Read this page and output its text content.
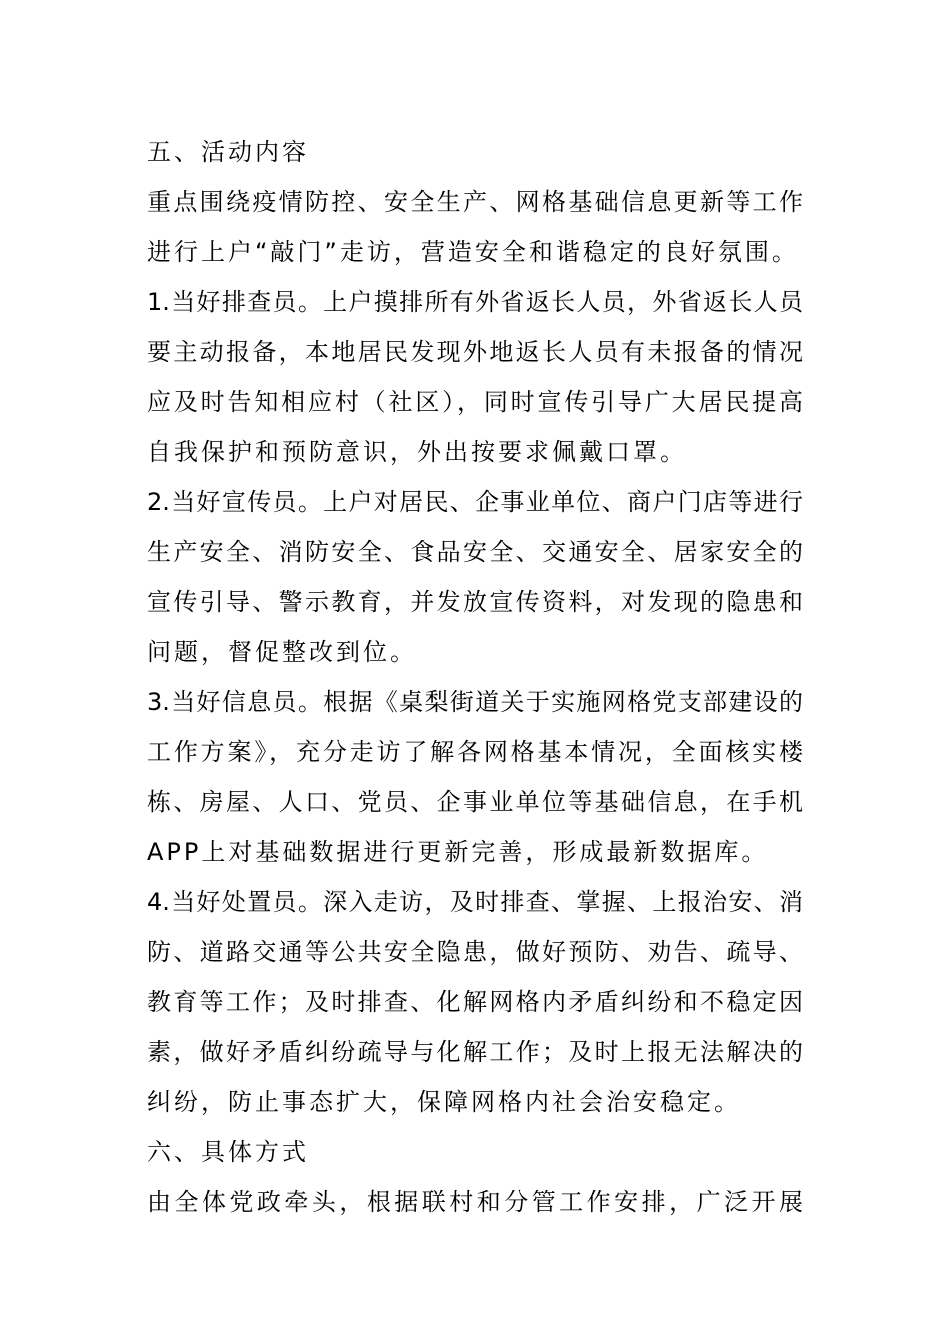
五、活动内容
重点围绕疫情防控、安全生产、网格基础信息更新等工作
进行上户“敲门”走访，营造安全和谐稳定的良好氛围。
1.当好排查员。上户摸排所有外省返长人员，外省返长人员
要主动报备，本地居民发现外地返长人员有未报备的情况
应及时告知相应村（社区），同时宣传引导广大居民提高
自我保护和预防意识，外出按要求佩戴口罩。
2.当好宣传员。上户对居民、企事业单位、商户门店等进行
生产安全、消防安全、食品安全、交通安全、居家安全的
宣传引导、警示教育，并发放宣传资料，对发现的隐患和
问题，督促整改到位。
3.当好信息员。根据《桌梨街道关于实施网格党支部建设的
工作方案》，充分走访了解各网格基本情况，全面核实楼
栋、房屋、人口、党员、企事业单位等基础信息，在手机
APP上对基础数据进行更新完善，形成最新数据库。
4.当好处置员。深入走访，及时排查、掌握、上报治安、消
防、道路交通等公共安全隐患，做好预防、劝告、疏导、
教育等工作；及时排查、化解网格内矛盾纠纷和不稳定因
素，做好矛盾纠纷疏导与化解工作；及时上报无法解决的
纠纷，防止事态扩大，保障网格内社会治安稳定。
六、具体方式
由全体党政牵头，根据联村和分管工作安排，广泛开展
